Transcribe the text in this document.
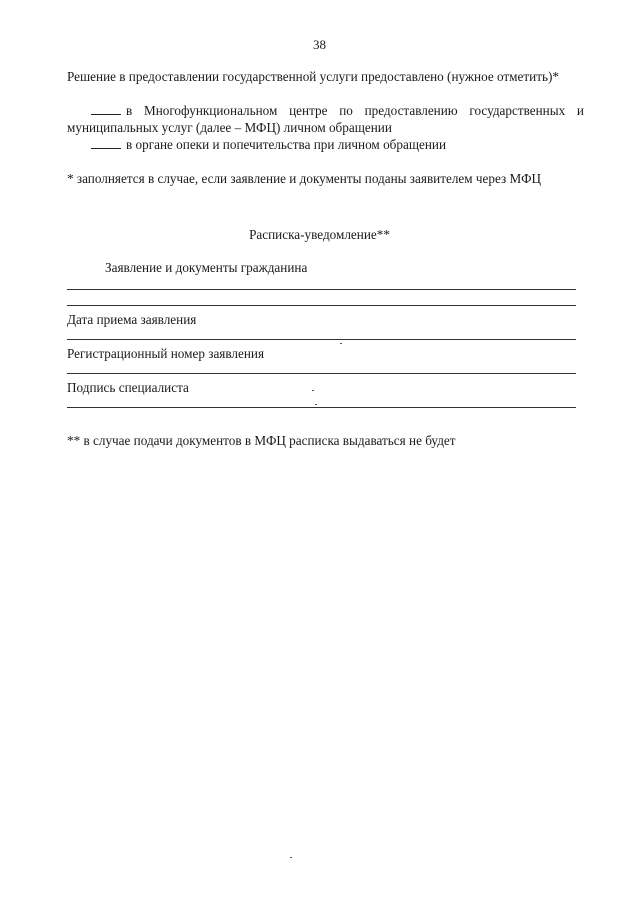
38
Решение в предоставлении государственной услуги предоставлено (нужное отметить)*
в Многофункциональном центре по предоставлению государственных и муниципальных услуг (далее – МФЦ) личном обращении
в органе опеки и попечительства при личном обращении
* заполняется в случае, если заявление и документы поданы заявителем через МФЦ
Расписка-уведомление**
Заявление и документы гражданина
Дата приема заявления
Регистрационный номер заявления
Подпись специалиста
** в случае подачи документов в МФЦ расписка выдаваться не будет
